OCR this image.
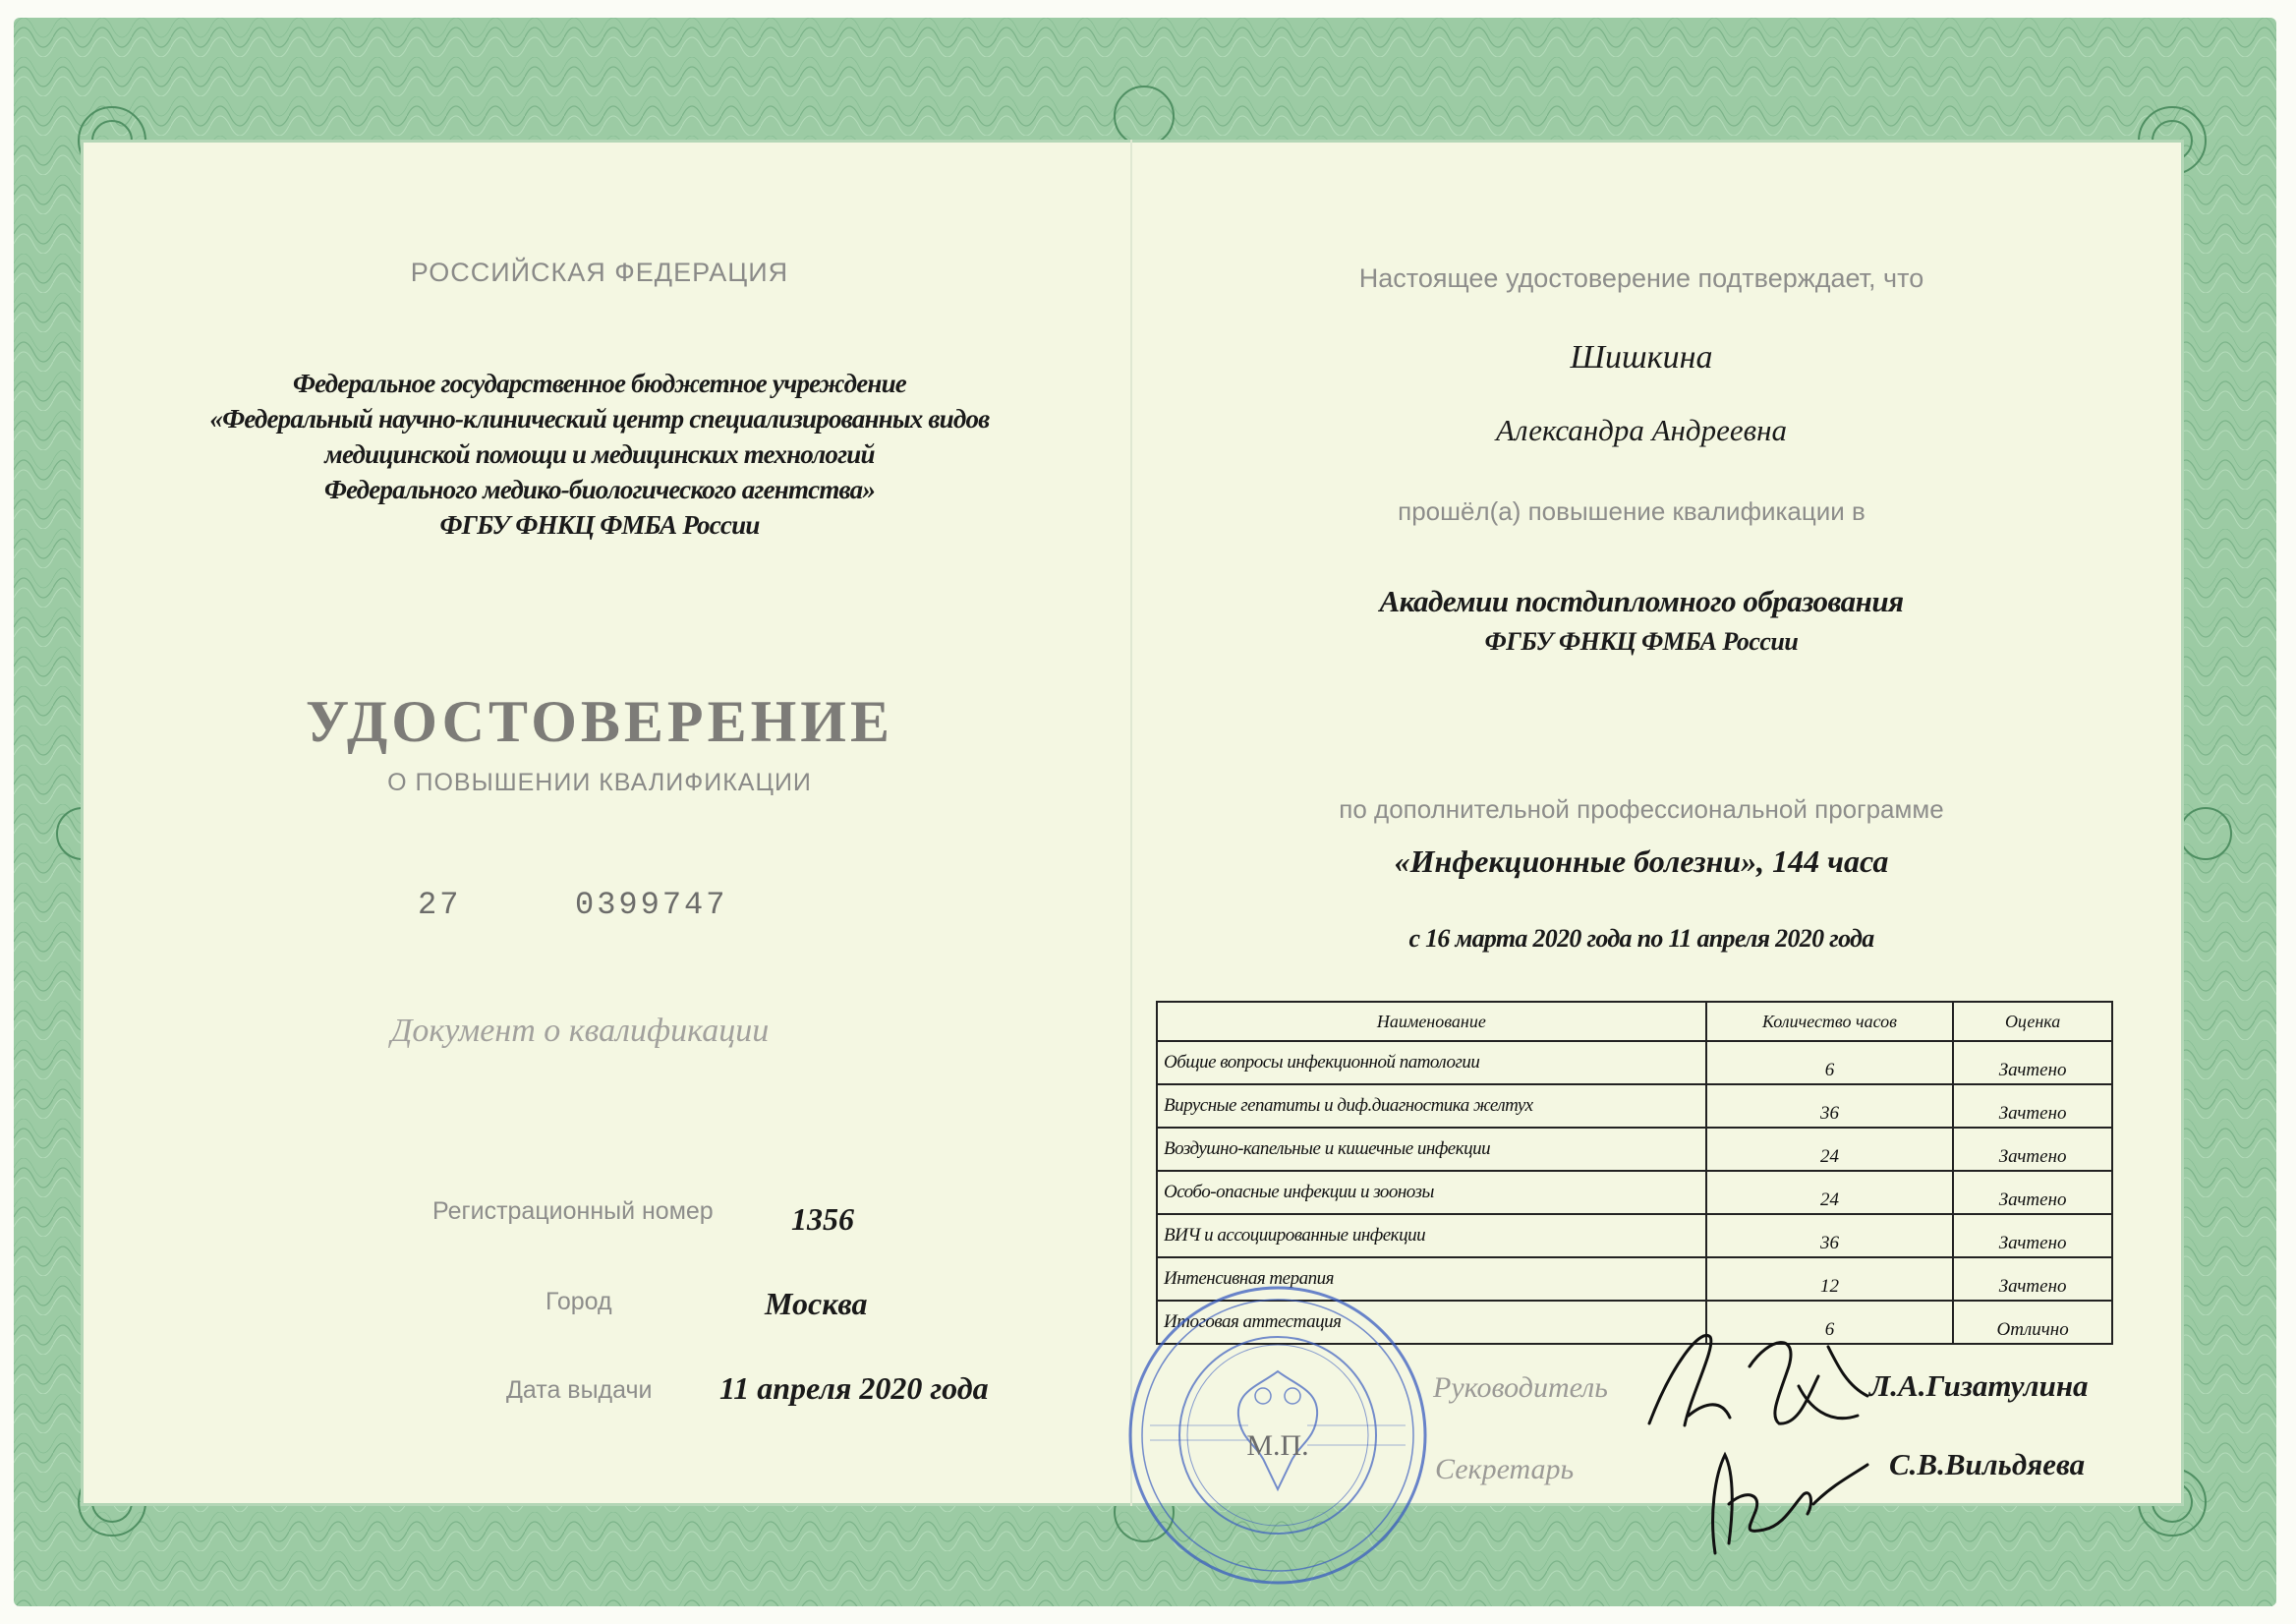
РОССИЙСКАЯ ФЕДЕРАЦИЯ
Федеральное государственное бюджетное учреждение
«Федеральный научно-клинический центр специализированных видов
медицинской помощи и медицинских технологий
Федерального медико-биологического агентства»
ФГБУ ФНКЦ ФМБА России
УДОСТОВЕРЕНИЕ
О ПОВЫШЕНИИ КВАЛИФИКАЦИИ
27	0399747
Документ о квалификации
Регистрационный номер 1356
Город	Москва
Дата выдачи 11 апреля 2020 года
Настоящее удостоверение подтверждает, что
Шишкина
Александра Андреевна
прошёл(а) повышение квалификации в
Академии постдипломного образования
ФГБУ ФНКЦ ФМБА России
по дополнительной профессиональной программе
«Инфекционные болезни», 144 часа
с 16 марта 2020 года по 11 апреля 2020 года
Наименование	Количество часов	Оценка
Общие вопросы инфекционной патологии	6	Зачтено
Вирусные гепатиты и диф.диагностика желтух	36	Зачтено
Воздушно-капельные и кишечные инфекции	24	Зачтено
Особо-опасные инфекции и зоонозы	24	Зачтено
ВИЧ и ассоциированные инфекции	36	Зачтено
Интенсивная терапия	12	Зачтено
Итоговая аттестация	6	Отлично
М.П.
Руководитель	Л.А.Гизатулина
Секретарь	С.В.Вильдяева
